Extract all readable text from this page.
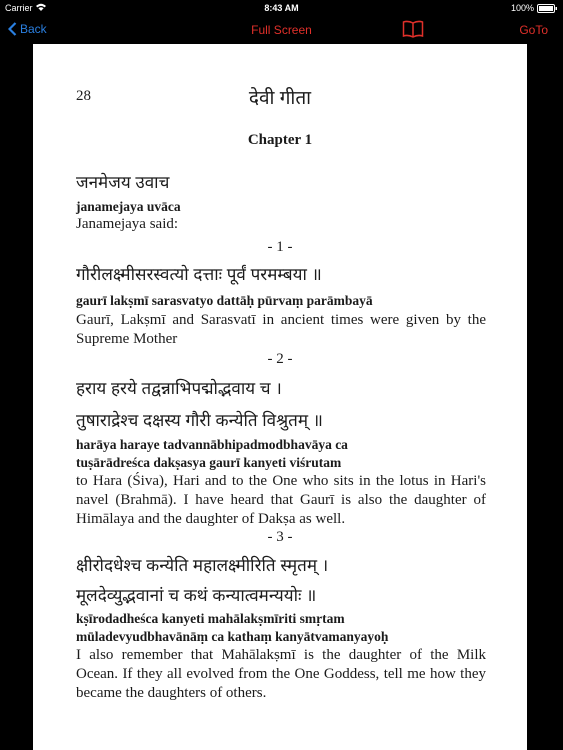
Carrier	8:43 AM	100%
Back	Full Screen	GoTo
28	देवी गीता
Chapter 1
जनमेजय उवाच
janamejaya uvāca
Janamejaya said:
- 1 -
गौरीलक्ष्मीसरस्वत्यो दत्ताः पूर्वं परमम्बया ॥
gaurī lakṣmī sarasvatyo dattāḥ pūrvaṃ parāmbayā
Gaurī, Lakṣmī and Sarasvatī in ancient times were given by the Supreme Mother
- 2 -
हराय हरये तद्वन्नाभिपद्मोद्भवाय च ।
तुषाराद्रेश्च दक्षस्य गौरी कन्येति विश्रुतम् ॥
harāya haraye tadvannābhipadmodbhavāya ca
tuṣārādreśca dakṣasya gaurī kanyeti viśrutam
to Hara (Śiva), Hari and to the One who sits in the lotus in Hari's navel (Brahmā). I have heard that Gaurī is also the daughter of Himālaya and the daughter of Dakṣa as well.
- 3 -
क्षीरोदधेश्च कन्येति महालक्ष्मीरिति स्मृतम् ।
मूलदेव्युद्भवानां च कथं कन्यात्वमन्ययोः ॥
kṣīrodadheśca kanyeti mahālakṣmīriti smṛtam
mūladevyudbhavānāṃ ca kathaṃ kanyātvamanyayoḥ
I also remember that Mahālakṣmī is the daughter of the Milk Ocean. If they all evolved from the One Goddess, tell me how they became the daughters of others.
